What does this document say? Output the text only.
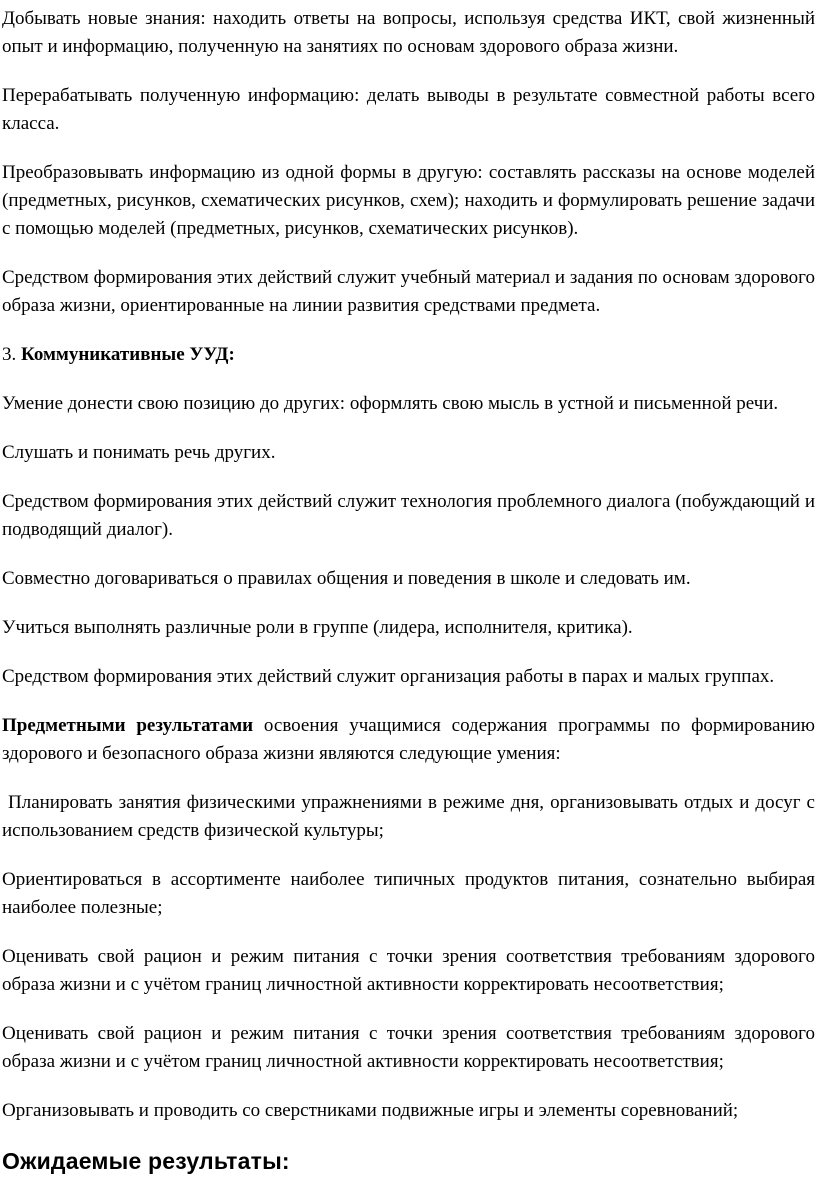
Добывать новые знания: находить ответы на вопросы, используя средства ИКТ, свой жизненный опыт и информацию, полученную на занятиях по основам здорового образа жизни.

Перерабатывать полученную информацию: делать выводы в результате совместной работы всего класса.

Преобразовывать информацию из одной формы в другую: составлять рассказы на основе моделей (предметных, рисунков, схематических рисунков, схем); находить и формулировать решение задачи с помощью моделей (предметных, рисунков, схематических рисунков).

Средством формирования этих действий служит учебный материал и задания по основам здорового образа жизни, ориентированные на линии развития средствами предмета.

3. Коммуникативные УУД:

Умение донести свою позицию до других: оформлять свою мысль в устной и письменной речи.

Слушать и понимать речь других.

Средством формирования этих действий служит технология проблемного диалога (побуждающий и подводящий диалог).

Совместно договариваться о правилах общения и поведения в школе и следовать им.

Учиться выполнять различные роли в группе (лидера, исполнителя, критика).

Средством формирования этих действий служит организация работы в парах и малых группах.

Предметными результатами освоения учащимися содержания программы по формированию здорового и безопасного образа жизни являются следующие умения:

Планировать занятия физическими упражнениями в режиме дня, организовывать отдых и досуг с использованием средств физической культуры;

Ориентироваться в ассортименте наиболее типичных продуктов питания, сознательно выбирая наиболее полезные;

Оценивать свой рацион и режим питания с точки зрения соответствия требованиям здорового образа жизни и с учётом границ личностной активности корректировать несоответствия;

Оценивать свой рацион и режим питания с точки зрения соответствия требованиям здорового образа жизни и с учётом границ личностной активности корректировать несоответствия;

Организовывать и проводить со сверстниками подвижные игры и элементы соревнований;

Ожидаемые результаты:
